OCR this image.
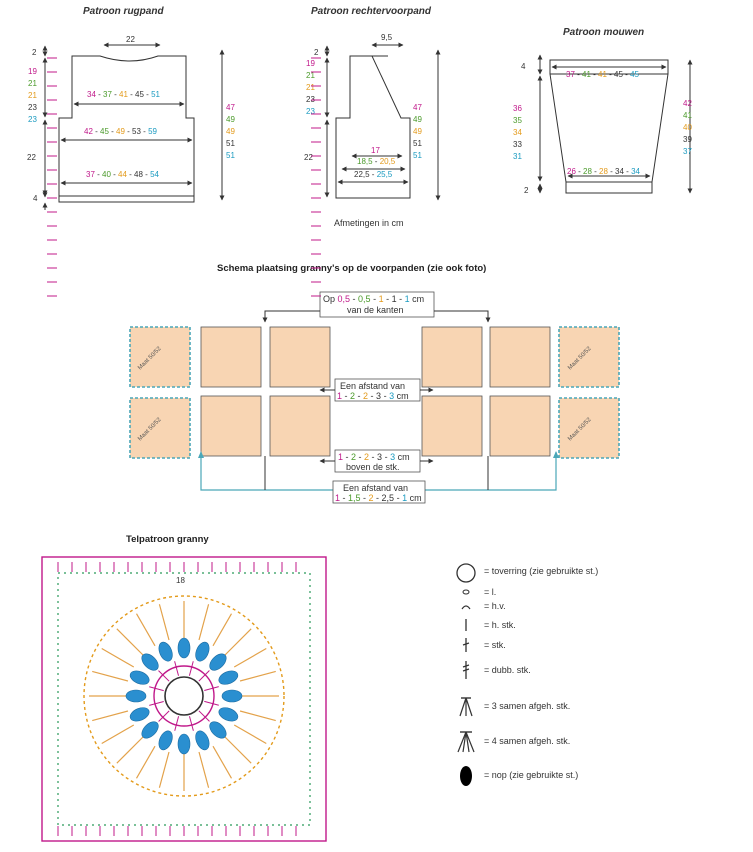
Patroon rugpand
22
34 - 37 - 41 - 45 - 51
42 - 45 - 49 - 53 - 59
37 - 40 - 44 - 48 - 54
2
19
21
21
23
23
22
4
47
49
49
51
51
Patroon rechtervoorpand
9,5
2
19
21
21
23
23
22
17
18,5 - 20,5
22,5 - 25,5
47
49
49
51
51
Afmetingen in cm
Patroon mouwen
37 - 41 - 41 - 45 - 45
26 - 28 - 28 - 34 - 34
4
36
35
34
33
31
2
42
41
40
39
37
Schema plaatsing granny's op de voorpanden (zie ook foto)
Op 0,5 - 0,5 - 1 - 1 - 1 cm
van de kanten
Maat 50/52
Maat 50/52
Maat 50/52
Maat 50/52
Een afstand van
1 - 2 - 2 - 3 - 3 cm
1 - 2 - 2 - 3 - 3 cm
boven de stk.
Een afstand van
1 - 1,5 - 2 - 2,5 - 1 cm
Telpatroon granny
18
= toverring (zie gebruikte st.)
= l.
= h.v.
= h. stk.
= stk.
= dubb. stk.
= 3 samen afgeh. stk.
= 4 samen afgeh. stk.
= nop (zie gebruikte st.)
